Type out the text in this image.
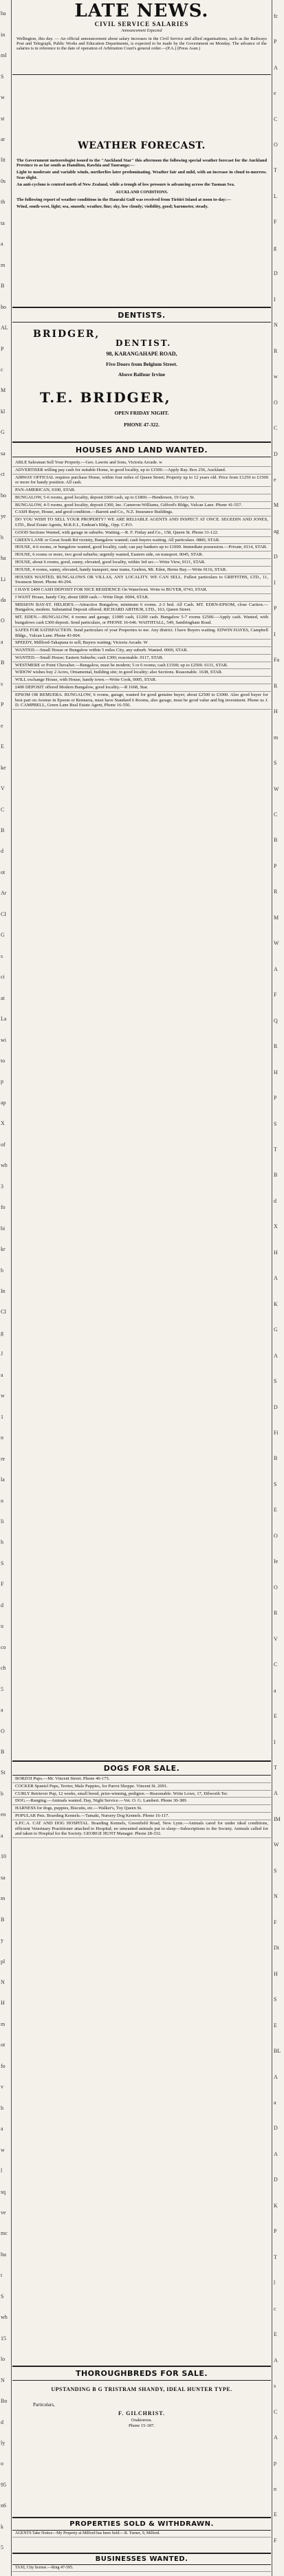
ba
in
ml
S
w
st
ar
lit
0s
th
ta
a
m
B
ho
AL
P
c
M
kl
G
sa
ct
bo
ye
b
ha
Li
da
O
a
B
s
P
e
E
ke
V
C
B
d
ot
Ar
CI
G
s
ci
at
La
wi
to
p
ap
X
of
wh
3
fo
bi
kr
b
In
CI
g
J
a
w
1
n
re
la
n
li
h
S
F
d
u
co
ch
5
a
O
B
St
b
eo
a
10
sa
m
B
y
pl
N
H
m
ot
fo
v
h
a
w
l
sq
ve
mc
hu
t
S
wh
15
lo
N
Bo
d
ly
o
95
n6
k
5
fc
P
A
e
C
O
T
L
F
g
D
I
N
R
w
O
C
D
e
M
ag
D
I
P
I
Fa
R
H
m
S
W
C
B
P
R
M
W
A
F
Q
R
H
P
S
T
B
d
X
H
A
K
G
A
S
D
Fi
B
S
E
O
Ie
O
R
V
C
a
E
I
T
A
IM
W
S
N
F
Di
H
S
E
BL
A
a
D
A
D
K
P
T
l
c
E
A
s
C
A
p
n
E
F
LATE NEWS.
CIVIL SERVICE SALARIES
Announcement Expected

Wellington, this day. — An official announcement about salary increases in the Civil Service and allied organisations, such as the Railways Post and Telegraph, Public Works and Education Departments, is expected to be made by the Government on Monday. The advance of the salaries is in reference to the date of operation of Arbitration Court's general order.—(P.A.) (Press Assn.)

WEATHER FORECAST.

The Government meteorologist issued to the "Auckland Star" this afternoon the following special weather forecast for the Auckland Province to as far south as Hamilton, Rawhia and Tauranga:—

Light to moderate and variable winds, northerlies later predominating. Weather fair and mild, with an increase in cloud to-morrow. Seas slight.

An anti-cyclone is centred north of New Zealand, while a trough of low pressure is advancing across the Tasman Sea.

AUCKLAND CONDITIONS.

The following report of weather conditions in the Hauraki Gulf was received from Tiritiri Island at noon to-day:—

Wind, south-west, light; sea, smooth; weather, fine; sky, low cloudy; visibility, good; barometer, steady.

DENTISTS.
BRIDGER,
DENTIST.
98, KARANGAHAPE ROAD,
Five Doors from Belgium Street.
Above Balfour Irvine
T.E. BRIDGER,
OPEN FRIDAY NIGHT.
PHONE 47-322.
HOUSES AND LAND WANTED.

ABLE Salesman Sell Your Property.—Geo. Lawrie and Sons, Victoria Arcade. w

ADVERTISER willing pay cash for suitable Home, in good locality, up to £1500.—Apply Ray. Box 256, Auckland.

AIRWAY OFFICIAL requires purchase Home, within four miles of Queen Street; Property up to 12 years old. Price from £1250 to £1500 or more for handy position. All cash.

PAN-AMERICAN, 0100, STAR.

BUNGALOW, 5-6 rooms, good locality, deposit £600 cash, up to £1800.—Henderson, 19 Grey St.

BUNGALOW, 4-5 rooms, good locality, deposit £300, Inc. Cameron-Williams, Gifford's Bldgs, Vulcan Lane. Phone 41-557.

CASH Buyer, House, and good condition.—Barrett and Co., N.Z. Insurance Buildings.

DO YOU WISH TO SELL YOUR PROPERTY? WE ARE RELIABLE AGENTS AND INSPECT AT ONCE. SEGEDIN AND JONES, LTD., Real Estate Agents, M.R.E.I., Endean's Bldg., Opp. C.P.O.

GOOD Sections Wanted, with garage in suburbs. Waiting.—R. F. Finlay and Co., 158, Queen St. Phone 31-122.

GREEN LANE or Great South Rd vicinity, Bungalow wanted; cash buyers waiting. All particulars. 0800, STAR.

HOUSE, 4-6 rooms, or bungalow wanted, good locality, cash; can pay bankers up to £1000. Immediate possession.—Private, 0114, STAR.

HOUSE, 6 rooms or more, two good suburbs; urgently wanted, Eastern side, on transport. 0045, STAR.

HOUSE, about 6 rooms, good, sunny, elevated, good locality, within 3rd sec.—Write View, 0111, STAR.

HOUSE, 4 rooms, sunny, elevated, handy transport; near trams, Grafton, Mt. Eden, Herne Bay.—Write 0116, STAR.

HOUSES WANTED, BUNGALOWS OR VILLAS, ANY LOCALITY. WE CAN SELL. Fullest particulars to GRIFFITHS, LTD., 11, Swanson Street. Phone 46-294.

I HAVE £400 CASH DEPOSIT FOR NICE RESIDENCE On Waterfront. Write to BUYER, 0743, STAR.

I WANT House, handy City, about £800 cash.—Write Dept. 0004, STAR.

MISSION BAY-ST. HELIER'S.—Attractive Bungalow, minimum 6 rooms. 2-3 bed. All Cash. MT. EDEN-EPSOM, close Cariton.—Bungalow, modern. Substantial Deposit offered. RICHARD ARTHUR, LTD., 163, Queen Street.

MT. EDEN.—BUNGALOW, 4 rooms and garage, £1000 cash, £1200 cash. Bungalow 5-7 rooms £2500.—Apply cash. Wanted, with bungalows cash £300 deposit. Send particulars, or PHONE 16-646. WAITHTALL, 549, Sandringham Road.

SAFES FOR SATISFACTION. Send particulars of your Properties to me. Any district. I have Buyers waiting. EDWIN HAYES, Campbell Bldgs., Vulcan Lane. Phone 43-004.

SPEEDY, Millford-Takapuna to sell; Buyers waiting; Victoria Arcade. W

WANTED.—Small House or Bungalow within 5 miles City, any suburb. Wanted. 0000, STAR.

WANTED.—Small House; Eastern Suburbs; cash £300; reasonable. 0117, STAR.

WESTMERE or Point Chevalier.—Bungalow, must be modern; 5 or 6 rooms; cash £1500; up to £2500. 0131, STAR.

WIDOW wishes buy 2 Acres, Ornamental, building site; in good locality; also Sections. Reasonable. 1638, STAR.

WILL exchange House, with House, handy town.—Write Cook, 0005, STAR.

£400 DEPOSIT offered Modern Bungalow, good locality.—R 1668, Star.

EPSOM OR REMUERA. BUNGALOW, 6 rooms, garage, wanted for good genuine buyer; about £2500 to £3000. Also good buyer for best part on Avenue in Epsom or Remuera, must have Standard 6 Rooms, also garage, must be good value and big investment. Phone us J. D. CAMPBELL, Green Lane Real Estate Agent, Phone 16-556.

DOGS FOR SALE.

BORZOI Pups.—Mr. Vincent Street. Phone 46-175.

COCKER Spaniel Pups, Terrier, Male Puppies, for Parrot Shoppe. Vincent St. 2091.

CURLY Retriever Pup, 12 weeks, small breed, prize-winning, pedigree.—Reasonable. Write Lowe, 17, Dilworth Ter.

DOG.—Ranging.—Animals wanted. Day, Night Service.—Vet. O. G. Lambert. Phone 30-389.

HARNESS for dogs, puppies, Biscuits, etc.—Walker's, Toy Queen St.

POPULAR Pets. Boarding Kennels.—Tamaki, Nursery Dog Kennels. Phone 16-117.

S.P.C.A. CAT AND DOG HOSPITAL. Boarding Kennels, Greenfield Road, New Lynn.—Animals cared for under ideal conditions, efficient Veterinary Practitioner attached to Hospital; no unwanted animals put to sleep—Subscriptions to the Society. Animals called for and taken to Hospital for the Society. GEORGE HUNT Manager. Phone 28-332.

THOROUGHBREDS FOR SALE.
UPSTANDING B G TRISTRAM SHANDY, IDEAL HUNTER TYPE.
Particulars,
F. GILCHRIST.
Orakiorora.
Phone 15-187.
PROPERTIES SOLD & WITHDRAWN.

AGENTS Take Notice—My Property at Milford has been Sold.—R. Turner, 9, Milford.

BUSINESSES WANTED.

TAXI, City license.—Ring 47-595.
